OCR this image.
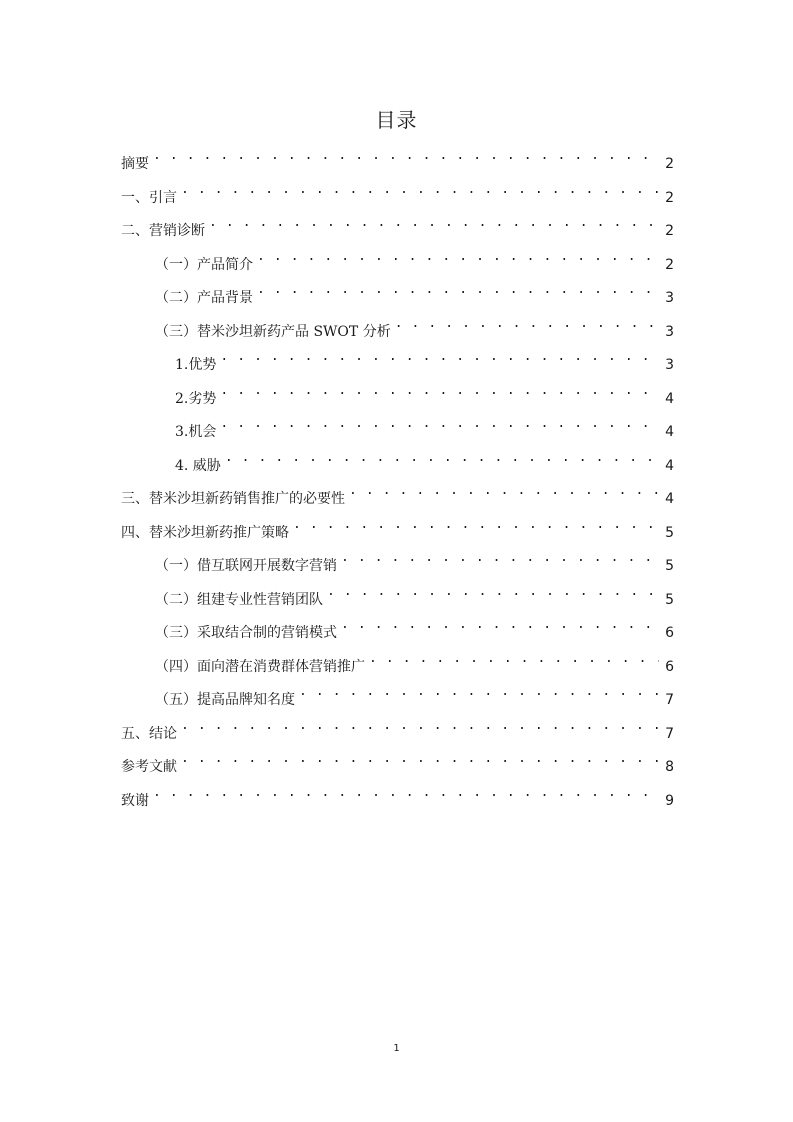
目录
摘要 . . .	2
一、引言 . . .	2
二、营销诊断 . . .	2
（一）产品简介 . . .	2
（二）产品背景 . . .	3
（三）替米沙坦新药产品 SWOT 分析 . . .	3
1.优势 . . .	3
2.劣势 . . .	4
3.机会 . . .	4
4. 威胁 . . .	4
三、替米沙坦新药销售推广的必要性 . . .	4
四、替米沙坦新药推广策略 . . .	5
（一）借互联网开展数字营销 . . .	5
（二）组建专业性营销团队 . . .	5
（三）采取结合制的营销模式 . . .	6
（四）面向潜在消费群体营销推广 . . .	6
（五）提高品牌知名度 . . .	7
五、结论 . . .	7
参考文献 . . .	8
致谢 . . .	9
1
